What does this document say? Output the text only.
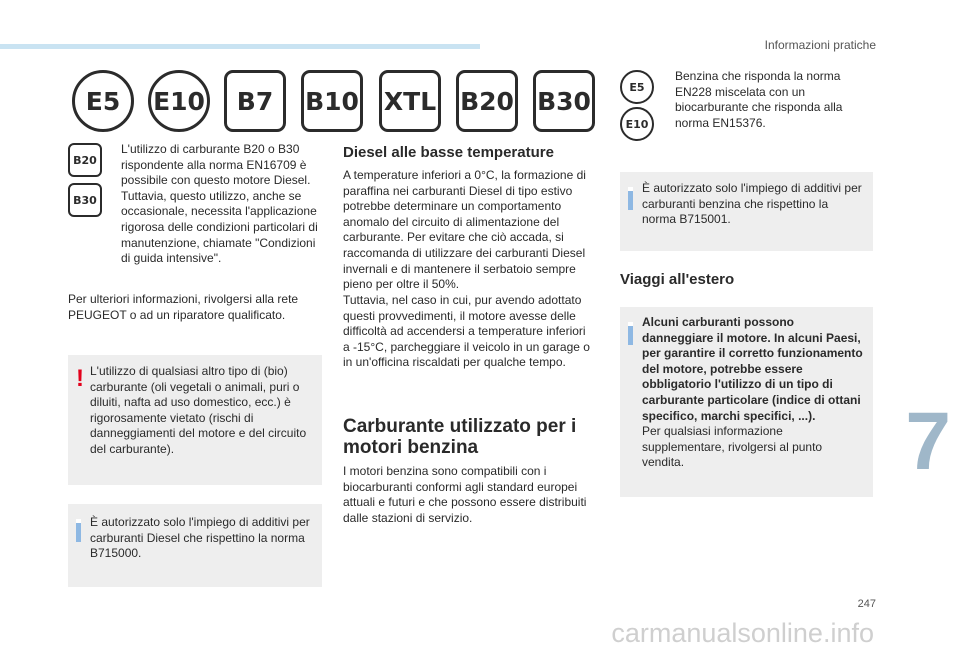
Informazioni pratiche
E5	E10	B7	B10 XTL B20 B30
B20
B30
L'utilizzo di carburante B20 o B30 rispondente alla norma EN16709 è possibile con questo motore Diesel. Tuttavia, questo utilizzo, anche se occasionale, necessita l'applicazione rigorosa delle condizioni particolari di manutenzione, chiamate "Condizioni di guida intensive".
Per ulteriori informazioni, rivolgersi alla rete PEUGEOT o ad un riparatore qualificato.
! L'utilizzo di qualsiasi altro tipo di (bio) carburante (oli vegetali o animali, puri o diluiti, nafta ad uso domestico, ecc.) è rigorosamente vietato (rischi di danneggiamenti del motore e del circuito del carburante).

È autorizzato solo l'impiego di additivi per carburanti Diesel che rispettino la norma B715000.

Diesel alle basse temperature
A temperature inferiori a 0°C, la formazione di paraffina nei carburanti Diesel di tipo estivo potrebbe determinare un comportamento anomalo del circuito di alimentazione del carburante. Per evitare che ciò accada, si raccomanda di utilizzare dei carburanti Diesel invernali e di mantenere il serbatoio sempre pieno per oltre il 50%.
Tuttavia, nel caso in cui, pur avendo adottato questi provvedimenti, il motore avesse delle difficoltà ad accendersi a temperature inferiori a -15°C, parcheggiare il veicolo in un garage o in un'officina riscaldati per qualche tempo.
Carburante utilizzato per i motori benzina
I motori benzina sono compatibili con i biocarburanti conformi agli standard europei attuali e futuri e che possono essere distribuiti dalle stazioni di servizio.
E5
E10
Benzina che risponda la norma EN228 miscelata con un biocarburante che risponda alla norma EN15376.

È autorizzato solo l'impiego di additivi per carburanti benzina che rispettino la norma B715001.

Viaggi all'estero

Alcuni carburanti possono danneggiare il motore. In alcuni Paesi, per garantire il corretto funzionamento del motore, potrebbe essere obbligatorio l'utilizzo di un tipo di carburante particolare (indice di ottani specifico, marchi specifici, ...).

Per qualsiasi informazione supplementare, rivolgersi al punto vendita.	7
247
carmanualsonline.info
